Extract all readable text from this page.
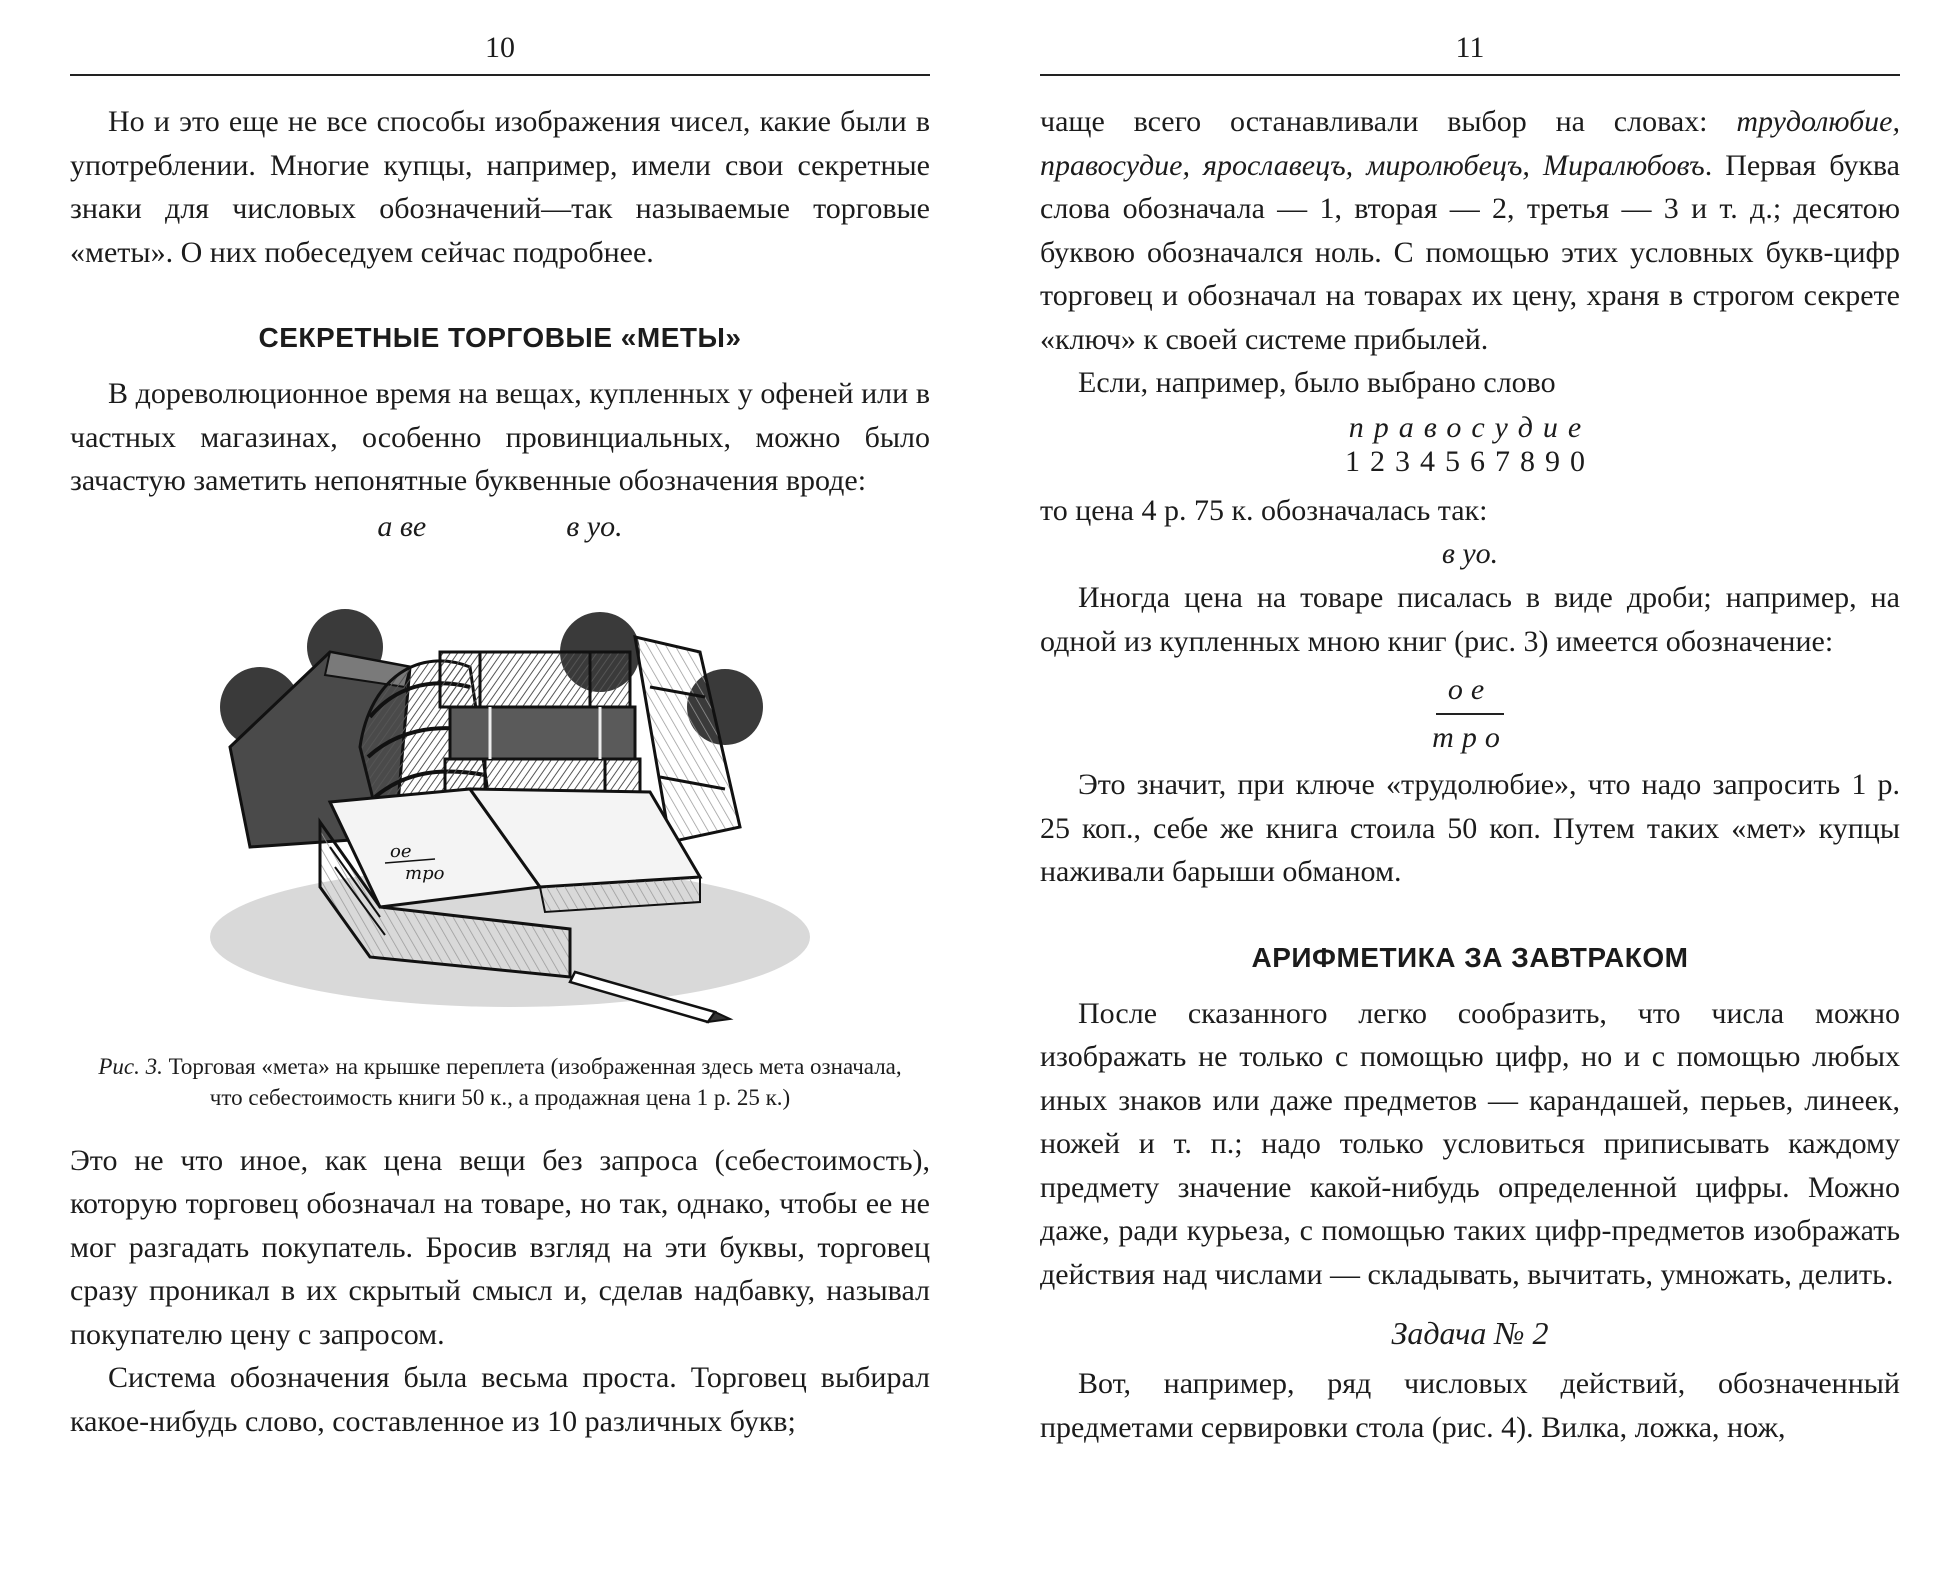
10

Но и это еще не все способы изображения чисел, какие были в употреблении. Многие купцы, например, имели свои секретные знаки для числовых обозначений—так называемые торговые «меты». О них побеседуем сейчас подробнее.

СЕКРЕТНЫЕ ТОРГОВЫЕ «МЕТЫ»

В дореволюционное время на вещах, купленных у офеней или в частных магазинах, особенно провинциальных, можно было зачастую заметить непонятные буквенные обозначения вроде:

а ве	в уо.
ое
тро
Рис. 3. Торговая «мета» на крышке переплета (изображенная здесь мета означала, что себестоимость книги 50 к., а продажная цена 1 р. 25 к.)

Это не что иное, как цена вещи без запроса (себестоимость), которую торговец обозначал на товаре, но так, однако, чтобы ее не мог разгадать покупатель. Бросив взгляд на эти буквы, торговец сразу проникал в их скрытый смысл и, сделав надбавку, называл покупателю цену с запросом.

Система обозначения была весьма проста. Торговец выбирал какое-нибудь слово, составленное из 10 различных букв;

11

чаще всего останавливали выбор на словах: трудолюбие, правосудие, ярославецъ, миролюбецъ, Миралюбовъ. Первая буква слова обозначала — 1, вторая — 2, третья — 3 и т. д.; десятою буквою обозначался ноль. С помощью этих условных букв-цифр торговец и обозначал на товарах их цену, храня в строгом секрете «ключ» к своей системе прибылей.

Если, например, было выбрано слово

правосудие
1234567890

то цена 4 р. 75 к. обозначалась так:

в уо.

Иногда цена на товаре писалась в виде дроби; например, на одной из купленных мною книг (рис. 3) имеется обозначение:

ое
тро

Это значит, при ключе «трудолюбие», что надо запросить 1 р. 25 коп., себе же книга стоила 50 коп. Путем таких «мет» купцы наживали барыши обманом.

АРИФМЕТИКА ЗА ЗАВТРАКОМ

После сказанного легко сообразить, что числа можно изображать не только с помощью цифр, но и с помощью любых иных знаков или даже предметов — карандашей, перьев, линеек, ножей и т. п.; надо только условиться приписывать каждому предмету значение какой-нибудь определенной цифры. Можно даже, ради курьеза, с помощью таких цифр-предметов изображать действия над числами — складывать, вычитать, умножать, делить.

Задача № 2

Вот, например, ряд числовых действий, обозначенный предметами сервировки стола (рис. 4). Вилка, ложка, нож,
